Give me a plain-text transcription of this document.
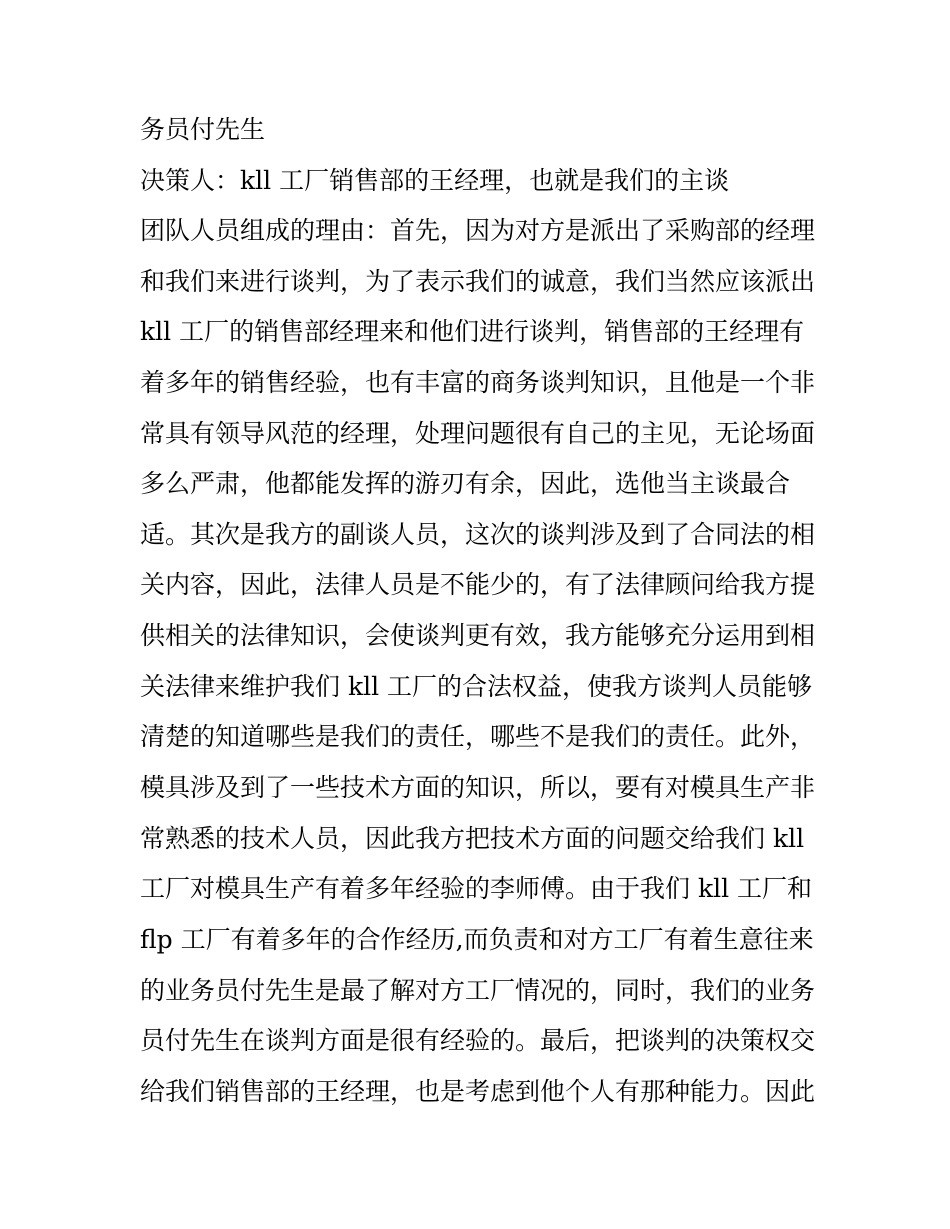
务员付先生
决策人：kll 工厂销售部的王经理，也就是我们的主谈
团队人员组成的理由：首先，因为对方是派出了采购部的经理
和我们来进行谈判，为了表示我们的诚意，我们当然应该派出
kll 工厂的销售部经理来和他们进行谈判，销售部的王经理有
着多年的销售经验，也有丰富的商务谈判知识，且他是一个非
常具有领导风范的经理，处理问题很有自己的主见，无论场面
多么严肃，他都能发挥的游刃有余，因此，选他当主谈最合
适。其次是我方的副谈人员，这次的谈判涉及到了合同法的相
关内容，因此，法律人员是不能少的，有了法律顾问给我方提
供相关的法律知识，会使谈判更有效，我方能够充分运用到相
关法律来维护我们 kll 工厂的合法权益，使我方谈判人员能够
清楚的知道哪些是我们的责任，哪些不是我们的责任。此外，
模具涉及到了一些技术方面的知识，所以，要有对模具生产非
常熟悉的技术人员，因此我方把技术方面的问题交给我们 kll
工厂对模具生产有着多年经验的李师傅。由于我们 kll 工厂和
flp 工厂有着多年的合作经历,而负责和对方工厂有着生意往来
的业务员付先生是最了解对方工厂情况的，同时，我们的业务
员付先生在谈判方面是很有经验的。最后，把谈判的决策权交
给我们销售部的王经理，也是考虑到他个人有那种能力。因此
